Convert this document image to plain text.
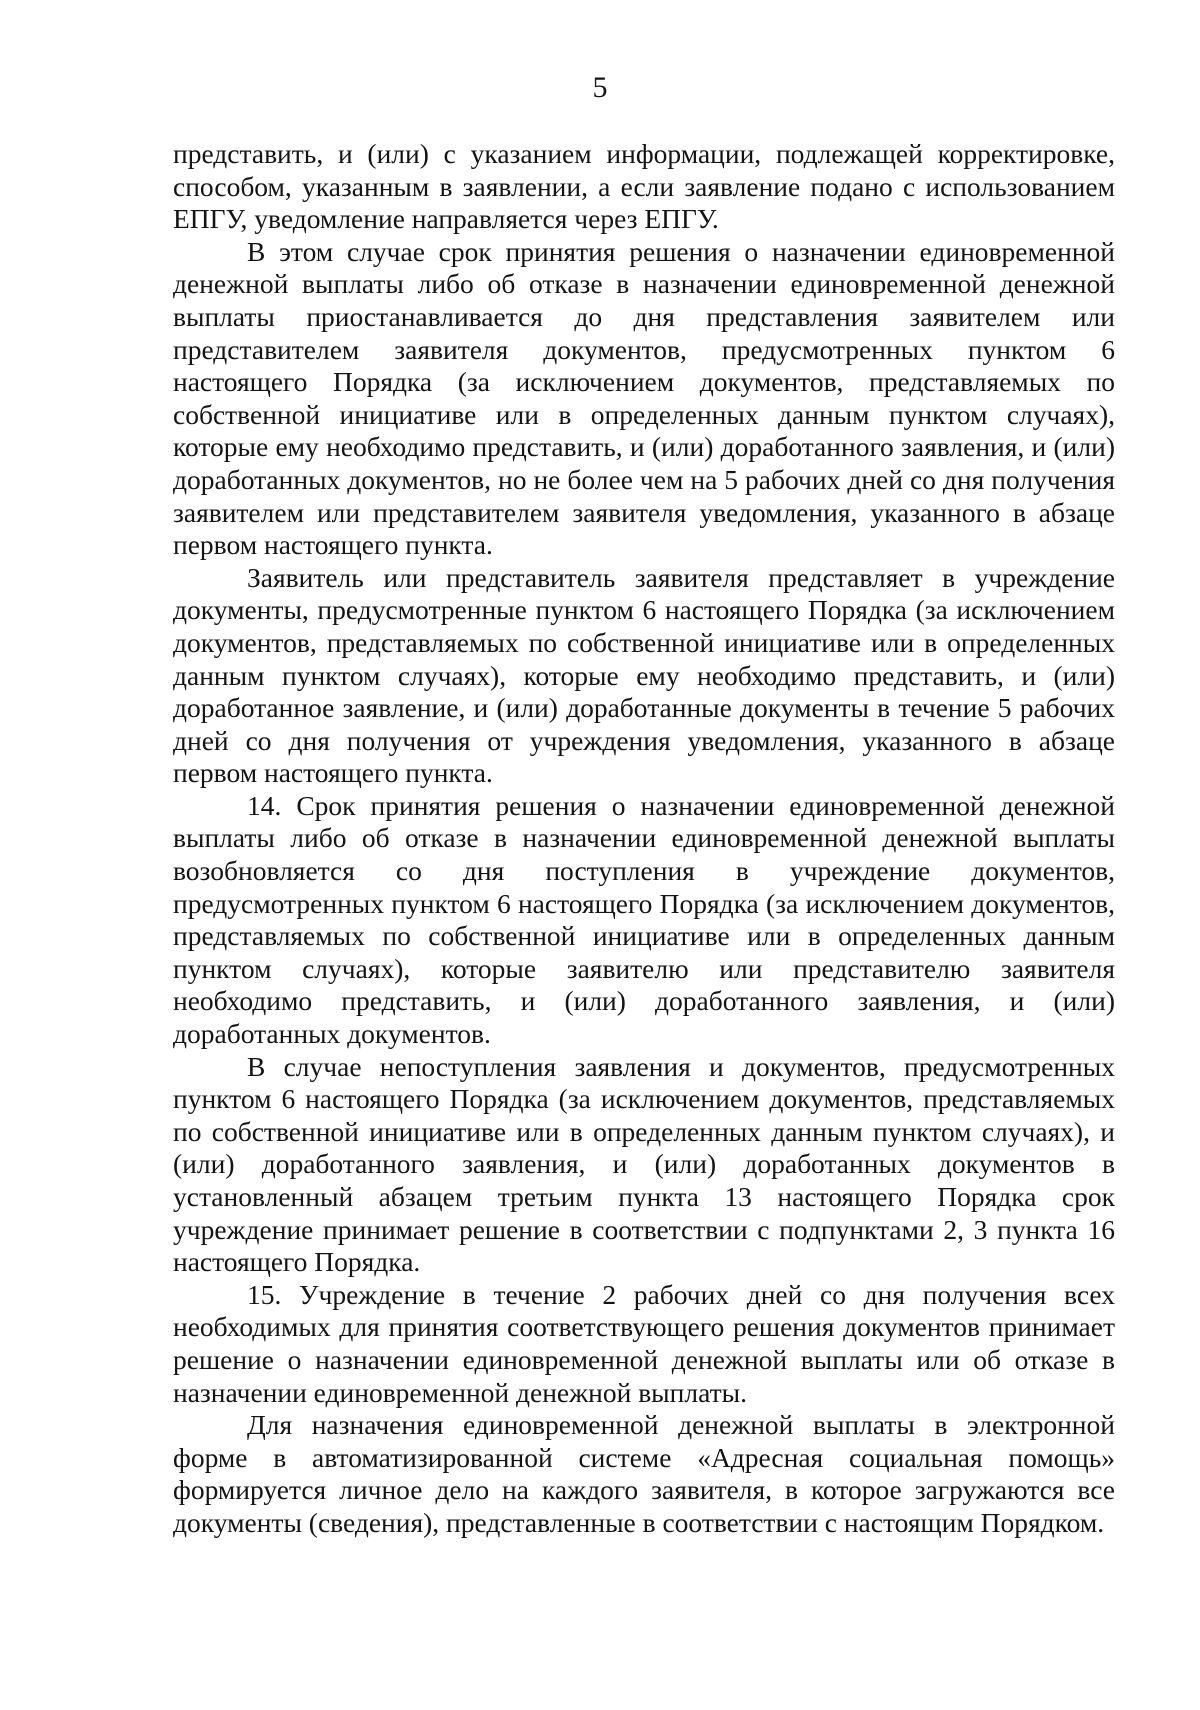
5

представить, и (или) с указанием информации, подлежащей корректировке, способом, указанным в заявлении, а если заявление подано с использованием ЕПГУ, уведомление направляется через ЕПГУ.

В этом случае срок принятия решения о назначении единовременной денежной выплаты либо об отказе в назначении единовременной денежной выплаты приостанавливается до дня представления заявителем или представителем заявителя документов, предусмотренных пунктом 6 настоящего Порядка (за исключением документов, представляемых по собственной инициативе или в определенных данным пунктом случаях), которые ему необходимо представить, и (или) доработанного заявления, и (или) доработанных документов, но не более чем на 5 рабочих дней со дня получения заявителем или представителем заявителя уведомления, указанного в абзаце первом настоящего пункта.

Заявитель или представитель заявителя представляет в учреждение документы, предусмотренные пунктом 6 настоящего Порядка (за исключением документов, представляемых по собственной инициативе или в определенных данным пунктом случаях), которые ему необходимо представить, и (или) доработанное заявление, и (или) доработанные документы в течение 5 рабочих дней со дня получения от учреждения уведомления, указанного в абзаце первом настоящего пункта.

14. Срок принятия решения о назначении единовременной денежной выплаты либо об отказе в назначении единовременной денежной выплаты возобновляется со дня поступления в учреждение документов, предусмотренных пунктом 6 настоящего Порядка (за исключением документов, представляемых по собственной инициативе или в определенных данным пунктом случаях), которые заявителю или представителю заявителя необходимо представить, и (или) доработанного заявления, и (или) доработанных документов.

В случае непоступления заявления и документов, предусмотренных пунктом 6 настоящего Порядка (за исключением документов, представляемых по собственной инициативе или в определенных данным пунктом случаях), и (или) доработанного заявления, и (или) доработанных документов в установленный абзацем третьим пункта 13 настоящего Порядка срок учреждение принимает решение в соответствии с подпунктами 2, 3 пункта 16 настоящего Порядка.

15. Учреждение в течение 2 рабочих дней со дня получения всех необходимых для принятия соответствующего решения документов принимает решение о назначении единовременной денежной выплаты или об отказе в назначении единовременной денежной выплаты.

Для назначения единовременной денежной выплаты в электронной форме в автоматизированной системе «Адресная социальная помощь» формируется личное дело на каждого заявителя, в которое загружаются все документы (сведения), представленные в соответствии с настоящим Порядком.
